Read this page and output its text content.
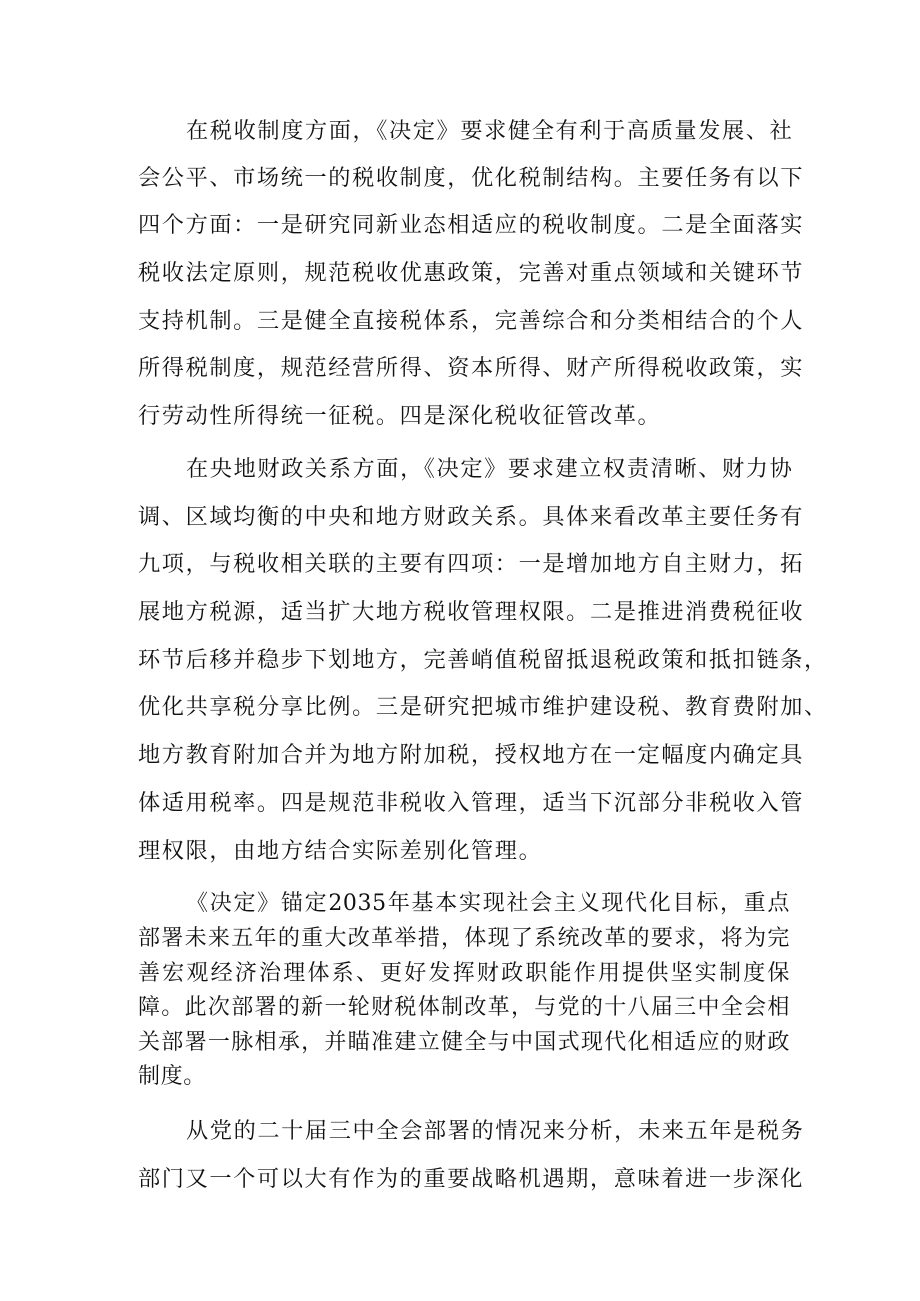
在税收制度方面，《决定》要求健全有利于高质量发展、社
会公平、市场统一的税收制度，优化税制结构。主要任务有以下
四个方面：一是研究同新业态相适应的税收制度。二是全面落实
税收法定原则，规范税收优惠政策，完善对重点领域和关键环节
支持机制。三是健全直接税体系，完善综合和分类相结合的个人
所得税制度，规范经营所得、资本所得、财产所得税收政策，实
行劳动性所得统一征税。四是深化税收征管改革。
在央地财政关系方面，《决定》要求建立权责清晰、财力协
调、区域均衡的中央和地方财政关系。具体来看改革主要任务有
九项，与税收相关联的主要有四项：一是增加地方自主财力，拓
展地方税源，适当扩大地方税收管理权限。二是推进消费税征收
环节后移并稳步下划地方，完善峭值税留抵退税政策和抵扣链条，
优化共享税分享比例。三是研究把城市维护建设税、教育费附加、
地方教育附加合并为地方附加税，授权地方在一定幅度内确定具
体适用税率。四是规范非税收入管理，适当下沉部分非税收入管
理权限，由地方结合实际差别化管理。
《决定》锚定2035年基本实现社会主义现代化目标，重点
部署未来五年的重大改革举措，体现了系统改革的要求，将为完
善宏观经济治理体系、更好发挥财政职能作用提供坚实制度保
障。此次部署的新一轮财税体制改革，与党的十八届三中全会相
关部署一脉相承，并瞄准建立健全与中国式现代化相适应的财政
制度。
从党的二十届三中全会部署的情况来分析，未来五年是税务
部门又一个可以大有作为的重要战略机遇期，意味着进一步深化
